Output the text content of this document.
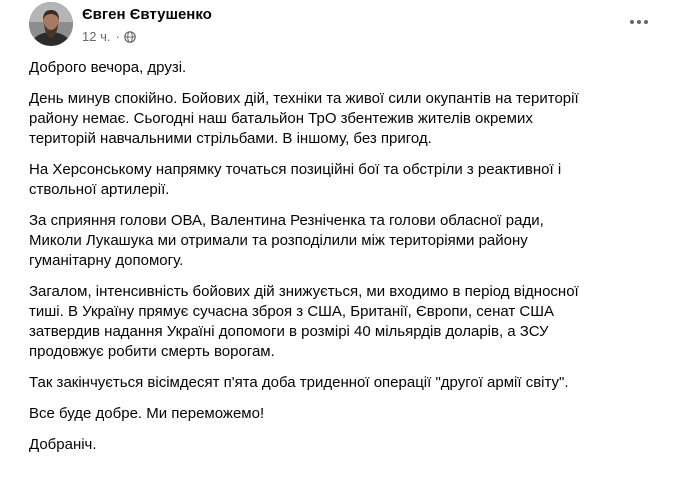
Євген Євтушенко
12 ч. ·

Доброго вечора, друзі.

День минув спокійно. Бойових дій, техніки та живої сили окупантів на території
району немає. Сьогодні наш батальйон ТрО збентежив жителів окремих
територій навчальними стрільбами. В іншому, без пригод.

На Херсонському напрямку точаться позиційні бої та обстріли з реактивної і
ствольної артилерії.

За сприяння голови ОВА, Валентина Резніченка та голови обласної ради,
Миколи Лукашука ми отримали та розподілили між територіями району
гуманітарну допомогу.

Загалом, інтенсивність бойових дій знижується, ми входимо в період відносної
тиші. В Україну прямує сучасна зброя з США, Британії, Європи, сенат США
затвердив надання Україні допомоги в розмірі 40 мільярдів доларів, а ЗСУ
продовжує робити смерть ворогам.

Так закінчується вісімдесят п'ята доба триденної операції "другої армії світу".

Все буде добре. Ми переможемо!

Добраніч.
